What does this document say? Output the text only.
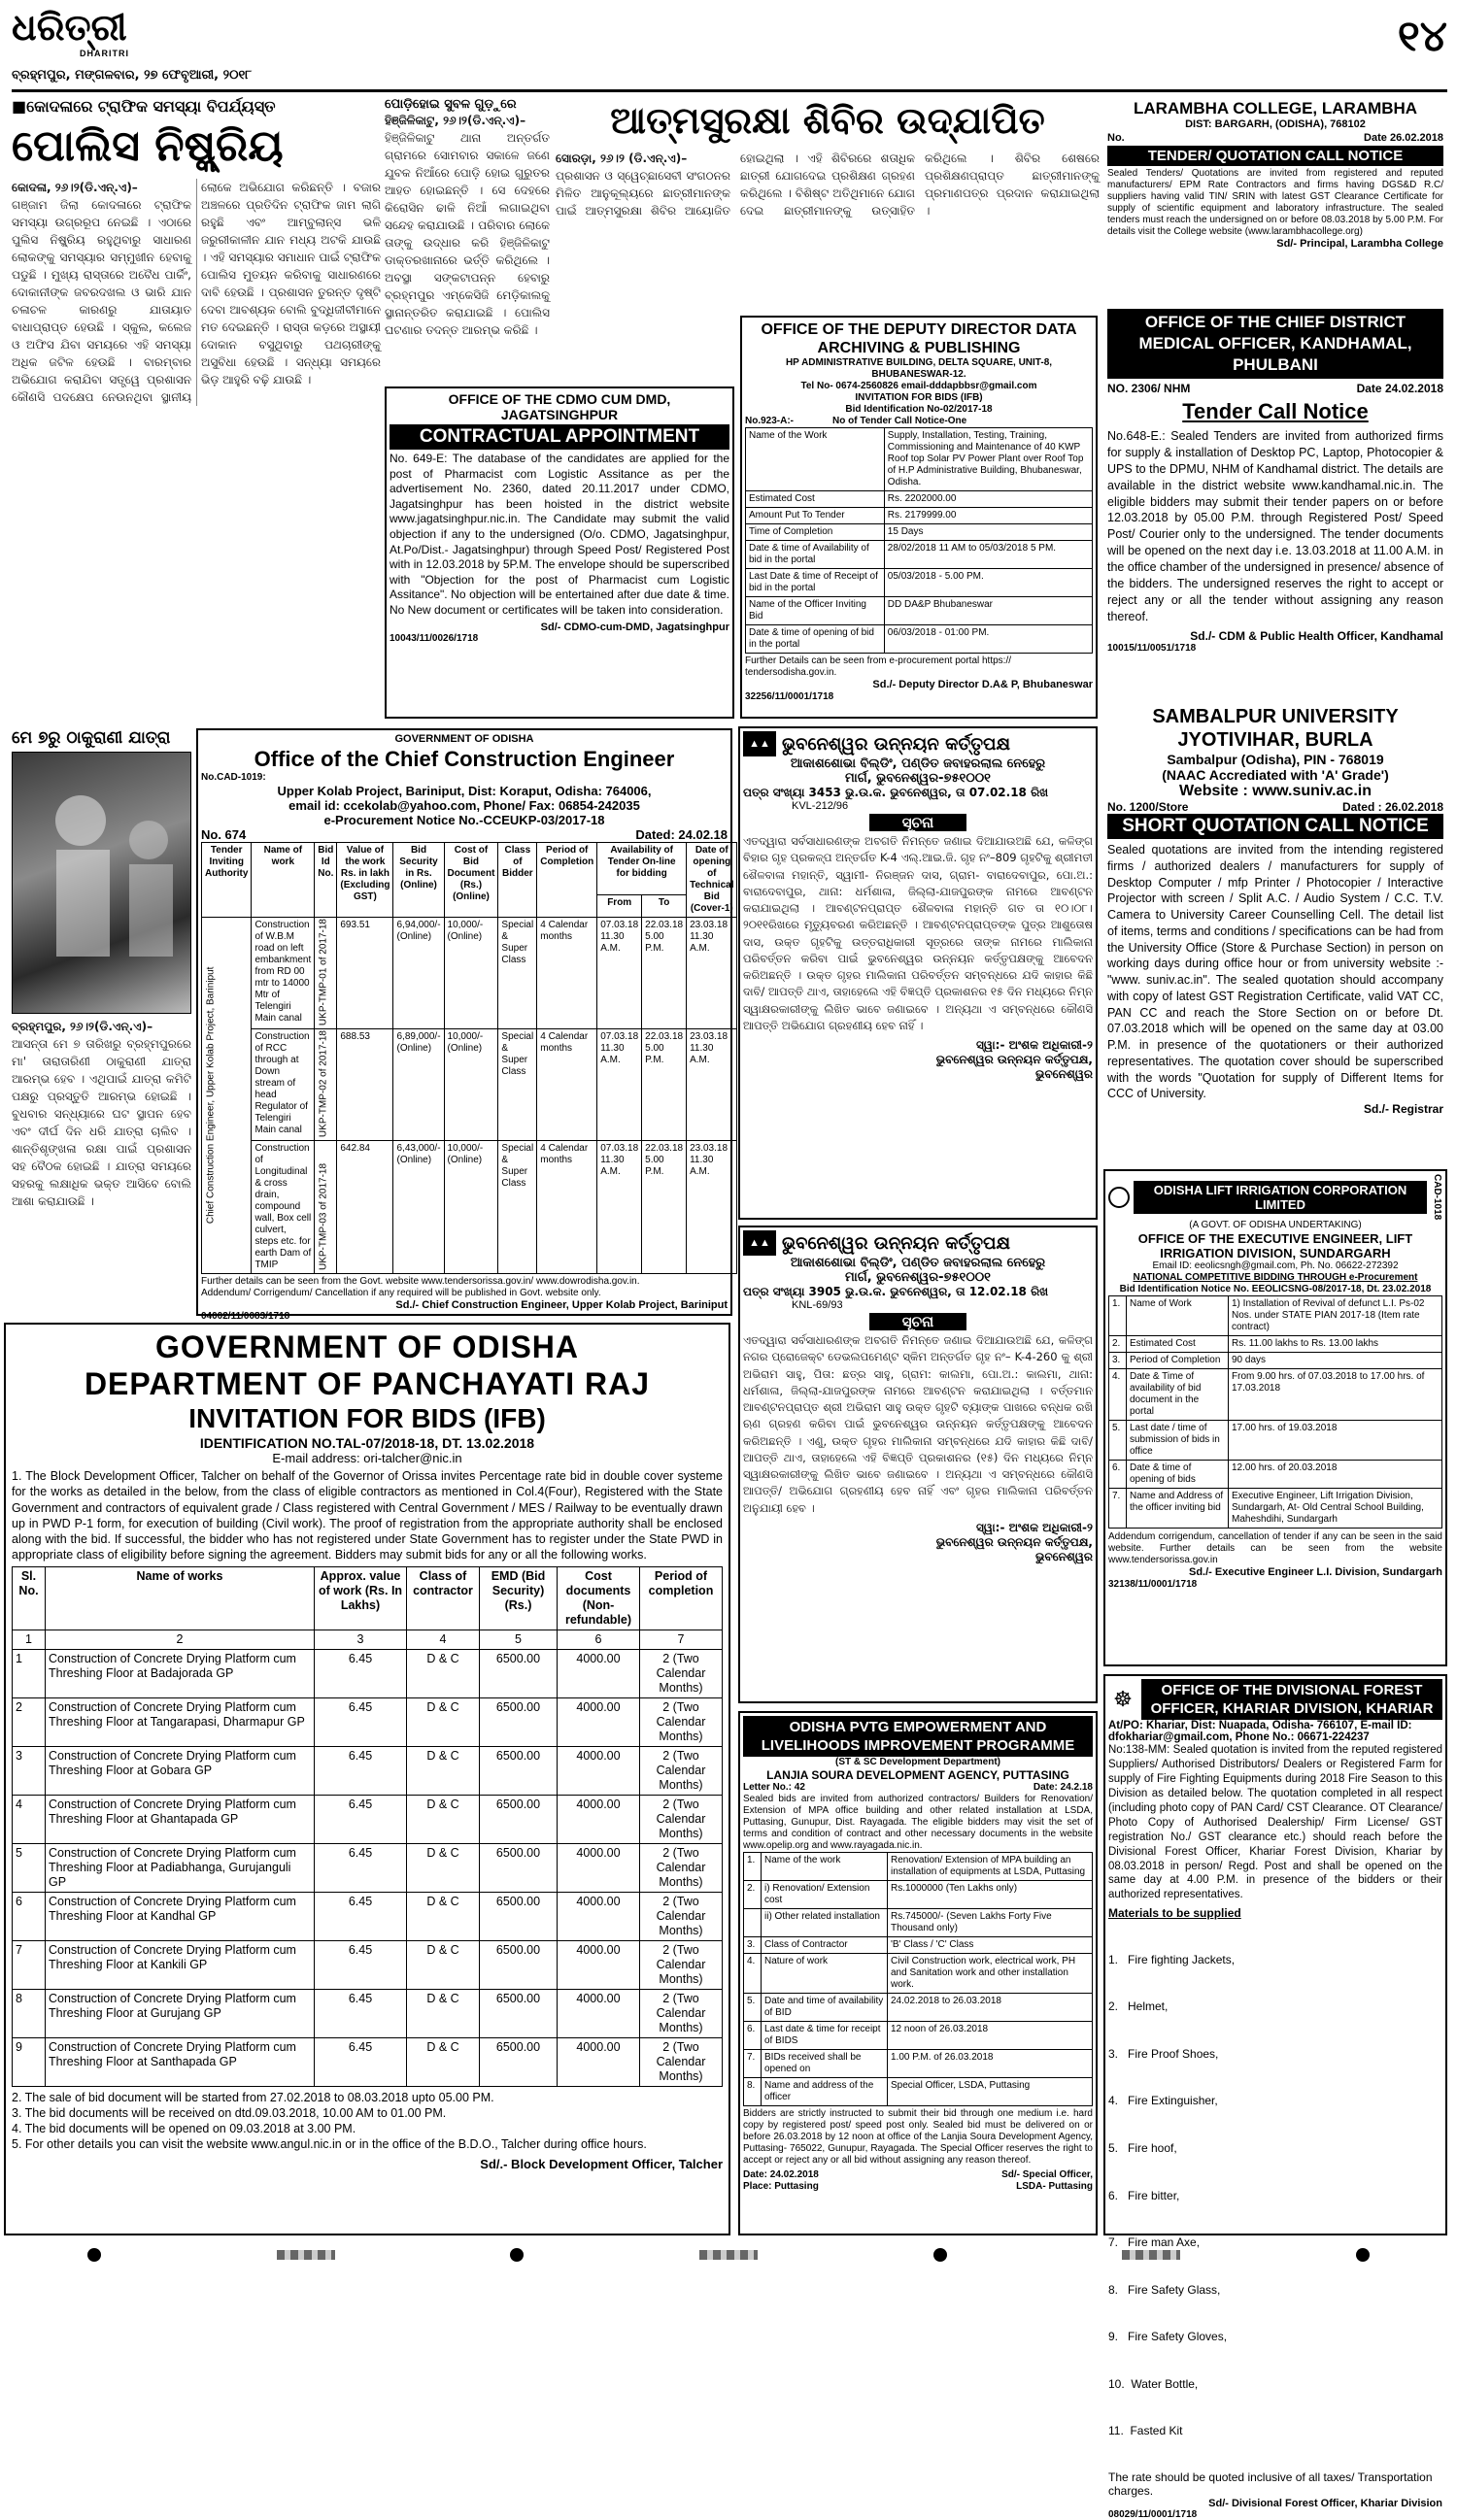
ଧରିତ୍ରୀ
DHARITRI	୧୪
ବ୍ରହ୍ମପୁର, ମଙ୍ଗଳବାର, ୨୭ ଫେବୃଆରୀ, ୨୦୧୮
■କୋଦଳାରେ ଟ୍ରାଫିକ ସମସ୍ୟା ବିପର୍ଯ୍ୟସ୍ତ
ପୋଲିସ ନିଷ୍କ୍ରିୟ
କୋଦଳା, ୨୬।୨(ଡି.ଏନ୍.ଏ)–
ଗଞ୍ଜାମ ଜିଲା କୋଦଳାରେ ଟ୍ରାଫିକ ସମସ୍ୟା ଉଗ୍ରରୂପ ନେଇଛି । ଏଠାରେ ପୁଲିସ ନିଷ୍କ୍ରିୟ ରହୁଥିବାରୁ ସାଧାରଣ ଲୋକଙ୍କୁ ସମସ୍ୟାର ସମ୍ମୁଖୀନ ହେବାକୁ ପଡୁଛି । ମୁଖ୍ୟ ରାସ୍ତାରେ ଅବୈଧ ପାର୍କିଂ, ଦୋକାନୀଙ୍କ ଜବରଦଖଲ ଓ ଭାରି ଯାନ ଚଳାଚଳ କାରଣରୁ ଯାତାୟାତ ବାଧାପ୍ରାପ୍ତ ହେଉଛି । ସ୍କୁଲ, କଲେଜ ଓ ଅଫିସ ଯିବା ସମୟରେ ଏହି ସମସ୍ୟା ଅଧିକ ଜଟିଳ ହେଉଛି । ବାରମ୍ବାର ଅଭିଯୋଗ କରାଯିବା ସତ୍ତ୍ୱେ ପ୍ରଶାସନ କୌଣସି ପଦକ୍ଷେପ ନେଉନଥିବା ସ୍ଥାନୀୟ ଲୋକେ ଅଭିଯୋଗ କରିଛନ୍ତି । ବଜାର ଅଞ୍ଚଳରେ ପ୍ରତିଦିନ ଟ୍ରାଫିକ ଜାମ ଲାଗି ରହୁଛି ଏବଂ ଆମ୍ବୁଲାନ୍ସ ଭଳି ଜରୁରୀକାଳୀନ ଯାନ ମଧ୍ୟ ଅଟକି ଯାଉଛି । ଏହି ସମସ୍ୟାର ସମାଧାନ ପାଇଁ ଟ୍ରାଫିକ ପୋଲିସ ମୁତୟନ କରିବାକୁ ସାଧାରଣରେ ଦାବି ହେଉଛି । ପ୍ରଶାସନ ତୁରନ୍ତ ଦୃଷ୍ଟି ଦେବା ଆବଶ୍ୟକ ବୋଲି ବୁଦ୍ଧିଜୀବୀମାନେ ମତ ଦେଇଛନ୍ତି । ରାସ୍ତା କଡ଼ରେ ଅସ୍ଥାୟୀ ଦୋକାନ ବସୁଥିବାରୁ ପଥଚାରୀଙ୍କୁ ଅସୁବିଧା ହେଉଛି । ସନ୍ଧ୍ୟା ସମୟରେ ଭିଡ଼ ଆହୁରି ବଢ଼ି ଯାଉଛି ।
ପୋଡ଼ିହୋଇ ସୁବଳ ଗୁଡ଼ୁରେ
ହିଞ୍ଜିଳିକାଟୁ, ୨୬।୨(ଡି.ଏନ୍.ଏ)–
ହିଞ୍ଜିଳିକାଟୁ ଥାନା ଅନ୍ତର୍ଗତ ଗ୍ରାମରେ ସୋମବାର ସକାଳେ ଜଣେ ଯୁବକ ନିଆଁରେ ପୋଡ଼ି ହୋଇ ଗୁରୁତର ଆହତ ହୋଇଛନ୍ତି । ସେ ଦେହରେ କିରୋସିନ ଢାଳି ନିଆଁ ଲଗାଇଥିବା ସନ୍ଦେହ କରାଯାଉଛି । ପରିବାର ଲୋକେ ତାଙ୍କୁ ଉଦ୍ଧାର କରି ହିଞ୍ଜିଳିକାଟୁ ଡାକ୍ତରଖାନାରେ ଭର୍ତ୍ତି କରିଥିଲେ । ଅବସ୍ଥା ସଙ୍କଟାପନ୍ନ ହେବାରୁ ବ୍ରହ୍ମପୁର ଏମ୍‌କେସିଜି ମେଡ଼ିକାଲକୁ ସ୍ଥାନାନ୍ତରିତ କରାଯାଇଛି । ପୋଲିସ ଘଟଣାର ତଦନ୍ତ ଆରମ୍ଭ କରିଛି ।
ଆତ୍ମସୁରକ୍ଷା ଶିବିର ଉଦ୍‌ଯାପିତ
ସୋରଡ଼ା, ୨୬।୨ (ଡି.ଏନ୍.ଏ)–
ପ୍ରଶାସନ ଓ ସ୍ୱେଚ୍ଛାସେବୀ ସଂଗଠନର ମିଳିତ ଆନୁକୂଲ୍ୟରେ ଛାତ୍ରୀମାନଙ୍କ ପାଇଁ ଆତ୍ମସୁରକ୍ଷା ଶିବିର ଆୟୋଜିତ ହୋଇଥିଲା । ଏହି ଶିବିରରେ ଶତାଧିକ ଛାତ୍ରୀ ଯୋଗଦେଇ ପ୍ରଶିକ୍ଷଣ ଗ୍ରହଣ କରିଥିଲେ । ବିଶିଷ୍ଟ ଅତିଥିମାନେ ଯୋଗ ଦେଇ ଛାତ୍ରୀମାନଙ୍କୁ ଉତ୍ସାହିତ କରିଥିଲେ । ଶିବିର ଶେଷରେ ପ୍ରଶିକ୍ଷଣପ୍ରାପ୍ତ ଛାତ୍ରୀମାନଙ୍କୁ ପ୍ରମାଣପତ୍ର ପ୍ରଦାନ କରାଯାଇଥିଲା ।
LARAMBHA COLLEGE, LARAMBHA
DIST: BARGARH, (ODISHA), 768102
No.	Date 26.02.2018
TENDER/ QUOTATION CALL NOTICE
Sealed Tenders/ Quotations are invited from registered and reputed manufacturers/ EPM Rate Contractors and firms having DGS&D R.C/ suppliers having valid TIN/ SRIN with latest GST Clearance Certificate for supply of scientific equipment and laboratory infrastructure. The sealed tenders must reach the undersigned on or before 08.03.2018 by 5.00 P.M. For details visit the College website (www.larambhacollege.org)
Sd/- Principal, Larambha College
OFFICE OF THE CHIEF DISTRICT MEDICAL OFFICER, KANDHAMAL, PHULBANI
NO. 2306/ NHM	Date 24.02.2018
Tender Call Notice
No.648-E.: Sealed Tenders are invited from authorized firms for supply & installation of Desktop PC, Laptop, Photocopier & UPS to the DPMU, NHM of Kandhamal district. The details are available in the district website www.kandhamal.nic.in. The eligible bidders may submit their tender papers on or before 12.03.2018 by 05.00 P.M. through Registered Post/ Speed Post/ Courier only to the undersigned. The tender documents will be opened on the next day i.e. 13.03.2018 at 11.00 A.M. in the office chamber of the undersigned in presence/ absence of the bidders. The undersigned reserves the right to accept or reject any or all the tender without assigning any reason thereof.
Sd./- CDM & Public Health Officer, Kandhamal
10015/11/0051/1718
OFFICE OF THE CDMO CUM DMD, JAGATSINGHPUR
CONTRACTUAL APPOINTMENT
No. 649-E: The database of the candidates are applied for the post of Pharmacist com Logistic Assitance as per the advertisement No. 2360, dated 20.11.2017 under CDMO, Jagatsinghpur has been hoisted in the district website www.jagatsinghpur.nic.in. The Candidate may submit the valid objection if any to the undersigned (O/o. CDMO, Jagatsinghpur, At.Po/Dist.- Jagatsinghpur) through Speed Post/ Registered Post with in 12.03.2018 by 5P.M. The envelope should be superscribed with "Objection for the post of Pharmacist cum Logistic Assitance". No objection will be entertained after due date & time. No New document or certificates will be taken into consideration.
Sd/- CDMO-cum-DMD, Jagatsinghpur
10043/11/0026/1718
OFFICE OF THE DEPUTY DIRECTOR DATA ARCHIVING & PUBLISHING
HP ADMINISTRATIVE BUILDING, DELTA SQUARE, UNIT-8, BHUBANESWAR-12.
Tel No- 0674-2560826 email-dddapbbsr@gmail.com
INVITATION FOR BIDS (IFB)
Bid Identification No-02/2017-18
No.923-A:-	No of Tender Call Notice-One
Name of the Work	Supply, Installation, Testing, Training, Commissioning and Maintenance of 40 KWP Roof top Solar PV Power Plant over Roof Top of H.P Administrative Building, Bhubaneswar, Odisha.
Estimated Cost	Rs. 2202000.00
Amount Put To Tender	Rs. 2179999.00
Time of Completion	15 Days
Date & time of Availability of bid in the portal	28/02/2018 11 AM to 05/03/2018 5 PM.
Last Date & time of Receipt of bid in the portal	05/03/2018 - 5.00 PM.
Name of the Officer Inviting Bid	DD DA&P Bhubaneswar
Date & time of opening of bid in the portal	06/03/2018 - 01:00 PM.
Further Details can be seen from e-procurement portal https:// tendersodisha.gov.in.
Sd./- Deputy Director D.A& P, Bhubaneswar
32256/11/0001/1718
ମେ ୭ରୁ ଠାକୁରାଣୀ ଯାତ୍ରା
ବ୍ରହ୍ମପୁର, ୨୬।୨(ଡି.ଏନ୍.ଏ)–
ଆସନ୍ତା ମେ ୭ ତାରିଖରୁ ବ୍ରହ୍ମପୁରରେ ମା' ତାରାତାରିଣୀ ଠାକୁରାଣୀ ଯାତ୍ରା ଆରମ୍ଭ ହେବ । ଏଥିପାଇଁ ଯାତ୍ରା କମିଟି ପକ୍ଷରୁ ପ୍ରସ୍ତୁତି ଆରମ୍ଭ ହୋଇଛି । ବୁଧବାର ସନ୍ଧ୍ୟାରେ ଘଟ ସ୍ଥାପନ ହେବ ଏବଂ ଦୀର୍ଘ ଦିନ ଧରି ଯାତ୍ରା ଚାଲିବ । ଶାନ୍ତିଶୃଙ୍ଖଳା ରକ୍ଷା ପାଇଁ ପ୍ରଶାସନ ସହ ବୈଠକ ହୋଇଛି । ଯାତ୍ରା ସମୟରେ ସହରକୁ ଲକ୍ଷାଧିକ ଭକ୍ତ ଆସିବେ ବୋଲି ଆଶା କରାଯାଉଛି ।
GOVERNMENT OF ODISHA
Office of the Chief Construction Engineer
No.CAD-1019:
Upper Kolab Project, Bariniput, Dist: Koraput, Odisha: 764006,
email id: ccekolab@yahoo.com, Phone/ Fax: 06854-242035
e-Procurement Notice No.-CCEUKP-03/2017-18
No. 674	Dated: 24.02.18
Tender Inviting Authority	Name of work	Bid Id No.	Value of the work Rs. in lakh (Excluding GST)	Bid Security in Rs. (Online)	Cost of Bid Document (Rs.) (Online)	Class of Bidder	Period of Completion	Availability of Tender On-line for bidding		Date of opening of Technical Bid (Cover-1)
								From	To	
Chief Construction Engineer, Upper Kolab Project, Bariniput	Construction of W.B.M road on left embankment from RD 00 mtr to 14000 Mtr of Telengiri Main canal	UKP-TMP-01 of 2017-18	693.51	6,94,000/- (Online)	10,000/- (Online)	Special & Super Class	4 Calendar months	07.03.18 11.30 A.M.	22.03.18 5.00 P.M.	23.03.18 11.30 A.M.
	Construction of RCC through at Down stream of head Regulator of Telengiri Main canal	UKP-TMP-02 of 2017-18	688.53	6,89,000/- (Online)	10,000/- (Online)	Special & Super Class	4 Calendar months	07.03.18 11.30 A.M.	22.03.18 5.00 P.M.	23.03.18 11.30 A.M.
	Construction of Longitudinal & cross drain, compound wall, Box cell culvert, steps etc. for earth Dam of TMIP	UKP-TMP-03 of 2017-18	642.84	6,43,000/- (Online)	10,000/- (Online)	Special & Super Class	4 Calendar months	07.03.18 11.30 A.M.	22.03.18 5.00 P.M.	23.03.18 11.30 A.M.
Further details can be seen from the Govt. website www.tendersorissa.gov.in/ www.dowrodisha.gov.in.
Addendum/ Corrigendum/ Cancellation if any required will be published in Govt. website only.
Sd./- Chief Construction Engineer, Upper Kolab Project, Bariniput
04002/11/0083/1718
▲▲ ଭୁବନେଶ୍ୱର ଉନ୍ନୟନ କର୍ତ୍ତୃପକ୍ଷ
ଆକାଶଶୋଭା ବିଲ୍ଡିଂ, ପଣ୍ଡିତ ଜବାହରଲାଲ ନେହେରୁ
ମାର୍ଗ, ଭୁବନେଶ୍ୱର-୭୫୧୦୦୧
ପତ୍ର ସଂଖ୍ୟା 3453 ଭୁ.ଉ.କ. ଭୁବନେଶ୍ୱର, ତା 07.02.18 ରିଖ
KVL-212/96
ସୂଚନା
ଏତଦ୍ୱାରା ସର୍ବସାଧାରଣଙ୍କ ଅବଗତି ନିମନ୍ତେ ଜଣାଇ ଦିଆଯାଉଅଛି ଯେ, କଳିଙ୍ଗ ବିହାର ଗୃହ ପ୍ରକଳ୍ପ ଅନ୍ତର୍ଗତ K-4 ଏଲ୍.ଆଇ.ଜି. ଗୃହ ନଂ–809 ଗୃହଟିକୁ ଶ୍ରୀମତୀ ଶୈଳବାଳା ମହାନ୍ତି, ସ୍ୱାମୀ- ନିରଞ୍ଜନ ଦାସ, ଗ୍ରାମ- ବାରାଦେବାପୁର, ପୋ.ଅ.: ବାରାଦେବାପୁର, ଥାନା: ଧର୍ମଶାଳା, ଜିଲ୍ଲା-ଯାଜପୁରଙ୍କ ନାମରେ ଆବଣ୍ଟନ କରାଯାଇଥିଲା । ଆବଣ୍ଟନପ୍ରାପ୍ତ ଶୈଳବାଳା ମହାନ୍ତି ଗତ ତା ୧୦।୦୮।୨୦୧୧ରିଖରେ ମୃତ୍ୟୁବରଣ କରିଅଛନ୍ତି । ଆବଣ୍ଟନପ୍ରାପ୍ତଙ୍କ ପୁତ୍ର ଆଶୁତୋଷ ଦାସ, ଉକ୍ତ ଗୃହଟିକୁ ଉତ୍ତରାଧିକାରୀ ସୂତ୍ରରେ ତାଙ୍କ ନାମରେ ମାଲିକାନା ପରିବର୍ତ୍ତନ କରିବା ପାଇଁ ଭୁବନେଶ୍ୱର ଉନ୍ନୟନ କର୍ତ୍ତୃପକ୍ଷଙ୍କୁ ଆବେଦନ କରିଅଛନ୍ତି । ଉକ୍ତ ଗୃହର ମାଲିକାନା ପରିବର୍ତ୍ତନ ସମ୍ବନ୍ଧରେ ଯଦି କାହାର କିଛି ଦାବି/ ଆପତ୍ତି ଥାଏ, ତାହାହେଲେ ଏହି ବିଜ୍ଞପ୍ତି ପ୍ରକାଶନର ୧୫ ଦିନ ମଧ୍ୟରେ ନିମ୍ନ ସ୍ୱାକ୍ଷରକାରୀଙ୍କୁ ଲିଖିତ ଭାବେ ଜଣାଇବେ । ଅନ୍ୟଥା ଏ ସମ୍ବନ୍ଧରେ କୌଣସି ଆପତ୍ତି ଅଭିଯୋଗ ଗ୍ରହଣୀୟ ହେବ ନାହିଁ ।
ସ୍ୱା:- ଅଂଶକ ଅଧିକାରୀ-୨
ଭୁବନେଶ୍ୱର ଉନ୍ନୟନ କର୍ତ୍ତୃପକ୍ଷ,
ଭୁବନେଶ୍ୱର
SAMBALPUR UNIVERSITY JYOTIVIHAR, BURLA
Sambalpur (Odisha), PIN - 768019
(NAAC Accrediated with 'A' Grade')
Website : www.suniv.ac.in
No. 1200/Store	Dated : 26.02.2018
SHORT QUOTATION CALL NOTICE
Sealed quotations are invited from the intending registered firms / authorized dealers / manufacturers for supply of Desktop Computer / mfp Printer / Photocopier / Interactive Projector with screen / Split A.C. / Audio System / C.C. T.V. Camera to University Career Counselling Cell. The detail list of items, terms and conditions / specifications can be had from the University Office (Store & Purchase Section) in person on working days during office hour or from university website :- "www. suniv.ac.in". The sealed quotation should accompany with copy of latest GST Registration Certificate, valid VAT CC, PAN CC and reach the Store Section on or before Dt. 07.03.2018 which will be opened on the same day at 03.00 P.M. in presence of the quotationers or their authorized representatives. The quotation cover should be superscribed with the words "Quotation for supply of Different Items for CCC of University.
Sd./- Registrar
ODISHA LIFT IRRIGATION CORPORATION LIMITED	CAD-1018
(A GOVT. OF ODISHA UNDERTAKING)
OFFICE OF THE EXECUTIVE ENGINEER, LIFT IRRIGATION DIVISION, SUNDARGARH
Email ID: eeolicsngh@gmail.com, Ph. No. 06622-272392
NATIONAL COMPETITIVE BIDDING THROUGH e-Procurement
Bid Identification Notice No. EEOLICSNG-08/2017-18, Dt. 23.02.2018
1.	Name of Work	1) Installation of Revival of defunct L.I. Ps-02 Nos. under STATE PIAN 2017-18 (Item rate contract)
2.	Estimated Cost	Rs. 11.00 lakhs to Rs. 13.00 lakhs
3.	Period of Completion	90 days
4.	Date & Time of availability of bid document in the portal	From 9.00 hrs. of 07.03.2018 to 17.00 hrs. of 17.03.2018
5.	Last date / time of submission of bids in office	17.00 hrs. of 19.03.2018
6.	Date & time of opening of bids	12.00 hrs. of 20.03.2018
7.	Name and Address of the officer inviting bid	Executive Engineer, Lift Irrigation Division, Sundargarh, At- Old Central School Building, Maheshdihi, Sundargarh
Addendum corrigendum, cancellation of tender if any can be seen in the said website. Further details can be seen from the website www.tendersorissa.gov.in
Sd./- Executive Engineer L.I. Division, Sundargarh
32138/11/0001/1718
GOVERNMENT OF ODISHA
DEPARTMENT OF PANCHAYATI RAJ
INVITATION FOR BIDS (IFB)
IDENTIFICATION NO.TAL-07/2018-18, DT. 13.02.2018
E-mail address: ori-talcher@nic.in
1. The Block Development Officer, Talcher on behalf of the Governor of Orissa invites Percentage rate bid in double cover systeme for the works as detailed in the below, from the class of eligible contractors as mentioned in Col.4(Four), Registered with the State Government and contractors of equivalent grade / Class registered with Central Government / MES / Railway to be eventually drawn up in PWD P-1 form, for execution of building (Civil work). The proof of registration from the appropriate authority shall be enclosed along with the bid. If successful, the bidder who has not registered under State Government has to register under the State PWD in appropriate class of eligibility before signing the agreement. Bidders may submit bids for any or all the following works.
Sl. No.	Name of works	Approx. value of work (Rs. In Lakhs)	Class of contractor	EMD (Bid Security) (Rs.)	Cost documents (Non-refundable)	Period of completion
1	2	3	4	5	6	7
1	Construction of Concrete Drying Platform cum Threshing Floor at Badajorada GP	6.45	D & C	6500.00	4000.00	2 (Two Calendar Months)
2	Construction of Concrete Drying Platform cum Threshing Floor at Tangarapasi, Dharmapur GP	6.45	D & C	6500.00	4000.00	2 (Two Calendar Months)
3	Construction of Concrete Drying Platform cum Threshing Floor at Gobara GP	6.45	D & C	6500.00	4000.00	2 (Two Calendar Months)
4	Construction of Concrete Drying Platform cum Threshing Floor at Ghantapada GP	6.45	D & C	6500.00	4000.00	2 (Two Calendar Months)
5	Construction of Concrete Drying Platform cum Threshing Floor at Padiabhanga, Gurujanguli GP	6.45	D & C	6500.00	4000.00	2 (Two Calendar Months)
6	Construction of Concrete Drying Platform cum Threshing Floor at Kandhal GP	6.45	D & C	6500.00	4000.00	2 (Two Calendar Months)
7	Construction of Concrete Drying Platform cum Threshing Floor at Kankili GP	6.45	D & C	6500.00	4000.00	2 (Two Calendar Months)
8	Construction of Concrete Drying Platform cum Threshing Floor at Gurujang GP	6.45	D & C	6500.00	4000.00	2 (Two Calendar Months)
9	Construction of Concrete Drying Platform cum Threshing Floor at Santhapada GP	6.45	D & C	6500.00	4000.00	2 (Two Calendar Months)
2. The sale of bid document will be started from 27.02.2018 to 08.03.2018 upto 05.00 PM.
3. The bid documents will be received on dtd.09.03.2018, 10.00 AM to 01.00 PM.
4. The bid documents will be opened on 09.03.2018 at 3.00 PM.
5. For other details you can visit the website www.angul.nic.in or in the office of the B.D.O., Talcher during office hours.
Sd/.- Block Development Officer, Talcher
▲▲ ଭୁବନେଶ୍ୱର ଉନ୍ନୟନ କର୍ତ୍ତୃପକ୍ଷ
ଆକାଶଶୋଭା ବିଲ୍ଡିଂ, ପଣ୍ଡିତ ଜବାହରଲାଲ ନେହେରୁ
ମାର୍ଗ, ଭୁବନେଶ୍ୱର-୭୫୧୦୦୧
ପତ୍ର ସଂଖ୍ୟା 3905 ଭୁ.ଉ.କ. ଭୁବନେଶ୍ୱର, ତା 12.02.18 ରିଖ
KNL-69/93
ସୂଚନା
ଏତଦ୍ୱାରା ସର୍ବସାଧାରଣଙ୍କ ଅବଗତି ନିମନ୍ତେ ଜଣାଇ ଦିଆଯାଉଅଛି ଯେ, କଳିଙ୍ଗ ନଗର ପ୍ରୋଜେକ୍ଟ ଡେଭଲପମେଣ୍ଟ ସ୍କିମ ଅନ୍ତର୍ଗତ ଗୃହ ନଂ– K-4-260 କୁ ଶ୍ରୀ ଅଭିରାମ ସାହୁ, ପିତା: ଛତ୍ର ସାହୁ, ଗ୍ରାମ: କାଲମା, ପୋ.ଅ.: କାଲମା, ଥାନା: ଧର୍ମଶାଳା, ଜିଲ୍ଲା-ଯାଜପୁରଙ୍କ ନାମରେ ଆବଣ୍ଟନ କରାଯାଇଥିଲା । ବର୍ତ୍ତମାନ ଆବଣ୍ଟନପ୍ରାପ୍ତ ଶ୍ରୀ ଅଭିରାମ ସାହୁ ଉକ୍ତ ଗୃହଟି ବ୍ୟାଙ୍କ ପାଖରେ ବନ୍ଧକ ରଖି ଋଣ ଗ୍ରହଣ କରିବା ପାଇଁ ଭୁବନେଶ୍ୱର ଉନ୍ନୟନ କର୍ତ୍ତୃପକ୍ଷଙ୍କୁ ଆବେଦନ କରିଅଛନ୍ତି । ଏଣୁ, ଉକ୍ତ ଗୃହର ମାଲିକାନା ସମ୍ବନ୍ଧରେ ଯଦି କାହାର କିଛି ଦାବି/ ଆପତ୍ତି ଥାଏ, ତାହାହେଲେ ଏହି ବିଜ୍ଞପ୍ତି ପ୍ରକାଶନର (୧୫) ଦିନ ମଧ୍ୟରେ ନିମ୍ନ ସ୍ୱାକ୍ଷରକାରୀଙ୍କୁ ଲିଖିତ ଭାବେ ଜଣାଇବେ । ଅନ୍ୟଥା ଏ ସମ୍ବନ୍ଧରେ କୌଣସି ଆପତ୍ତି/ ଅଭିଯୋଗ ଗ୍ରହଣୀୟ ହେବ ନାହିଁ ଏବଂ ଗୃହର ମାଲିକାନା ପରିବର୍ତ୍ତନ ଅନୁଯାୟୀ ହେବ ।
ସ୍ୱା:- ଅଂଶକ ଅଧିକାରୀ-୨
ଭୁବନେଶ୍ୱର ଉନ୍ନୟନ କର୍ତ୍ତୃପକ୍ଷ,
ଭୁବନେଶ୍ୱର
ODISHA PVTG EMPOWERMENT AND LIVELIHOODS IMPROVEMENT PROGRAMME
(ST & SC Development Department)
LANJIA SOURA DEVELOPMENT AGENCY, PUTTASING
Letter No.: 42	Date: 24.2.18
Sealed bids are invited from authorized contractors/ Builders for Renovation/ Extension of MPA office building and other related installation at LSDA, Puttasing, Gunupur, Dist. Rayagada. The eligible bidders may visit the set of terms and condition of contract and other necessary documents in the website www.opelip.org and www.rayagada.nic.in.
1.	Name of the work	Renovation/ Extension of MPA building an installation of equipments at LSDA, Puttasing
2.	i) Renovation/ Extension cost	Rs.1000000 (Ten Lakhs only)
	ii) Other related installation	Rs.745000/- (Seven Lakhs Forty Five Thousand only)
3.	Class of Contractor	'B' Class / 'C' Class
4.	Nature of work	Civil Construction work, electrical work, PH and Sanitation work and other installation work.
5.	Date and time of availability of BID	24.02.2018 to 26.03.2018
6.	Last date & time for receipt of BIDS	12 noon of 26.03.2018
7.	BIDs received shall be opened on	1.00 P.M. of 26.03.2018
8.	Name and address of the officer	Special Officer, LSDA, Puttasing
Bidders are strictly instructed to submit their bid through one medium i.e. hard copy by registered post/ speed post only. Sealed bid must be delivered on or before 26.03.2018 by 12 noon at office of the Lanjia Soura Development Agency, Puttasing- 765022, Gunupur, Rayagada. The Special Officer reserves the right to accept or reject any or all bid without assigning any reason thereof.
Date: 24.02.2018
Place: Puttasing
Sd/- Special Officer,
LSDA- Puttasing
☸	OFFICE OF THE DIVISIONAL FOREST OFFICER, KHARIAR DIVISION, KHARIAR
At/PO: Khariar, Dist: Nuapada, Odisha- 766107, E-mail ID: dfokhariar@gmail.com, Phone No.: 06671-224237
No:138-MM: Sealed quotation is invited from the reputed registered Suppliers/ Authorised Distributors/ Dealers or Registered Farm for supply of Fire Fighting Equipments during 2018 Fire Season to this Division as detailed below. The quotation completed in all respect (including photo copy of PAN Card/ CST Clearance. OT Clearance/ Photo Copy of Authorised Dealership/ Firm License/ GST registration No./ GST clearance etc.) should reach before the Divisional Forest Officer, Khariar Forest Division, Khariar by 08.03.2018 in person/ Regd. Post and shall be opened on the same day at 4.00 P.M. in presence of the bidders or their authorized representatives.
Materials to be supplied

1.   Fire fighting Jackets,

2.   Helmet,

3.   Fire Proof Shoes,

4.   Fire Extinguisher,

5.   Fire hoof,

6.   Fire bitter,

7.   Fire man Axe,

8.   Fire Safety Glass,

9.   Fire Safety Gloves,

10.  Water Bottle,

11.  Fasted Kit

The rate should be quoted inclusive of all taxes/ Transportation charges.
Sd/- Divisional Forest Officer, Khariar Division
08029/11/0001/1718
